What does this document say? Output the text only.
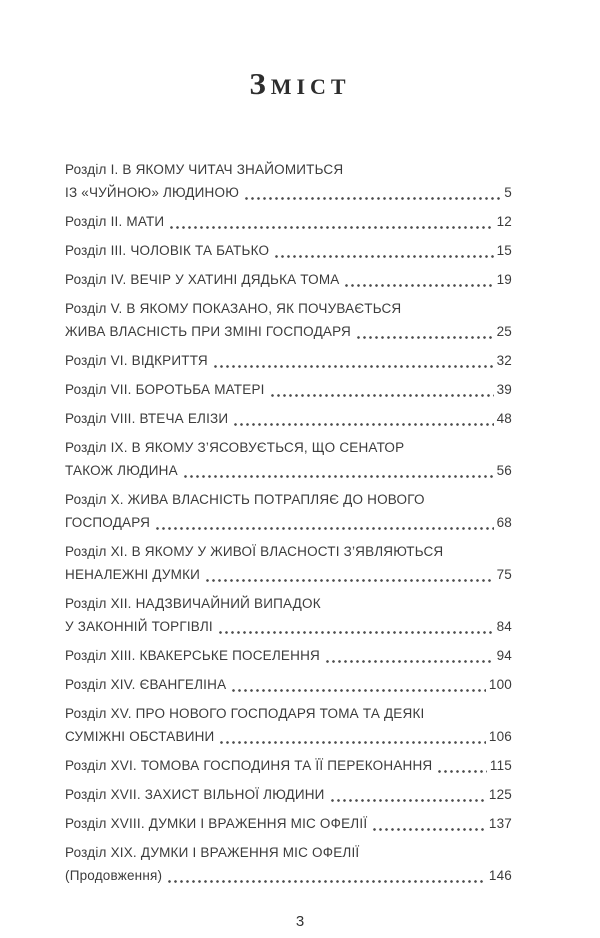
Зміст
Розділ I. В ЯКОМУ ЧИТАЧ ЗНАЙОМИТЬСЯ
ІЗ «ЧУЙНОЮ» ЛЮДИНОЮ	5
Розділ II. МАТИ	12
Розділ III. ЧОЛОВІК ТА БАТЬКО	15
Розділ IV. ВЕЧІР У ХАТИНІ ДЯДЬКА ТОМА	19
Розділ V. В ЯКОМУ ПОКАЗАНО, ЯК ПОЧУВАЄТЬСЯ
ЖИВА ВЛАСНІСТЬ ПРИ ЗМІНІ ГОСПОДАРЯ	25
Розділ VI. ВІДКРИТТЯ	32
Розділ VII. БОРОТЬБА МАТЕРІ	39
Розділ VIII. ВТЕЧА ЕЛІЗИ	48
Розділ IX. В ЯКОМУ З’ЯСОВУЄТЬСЯ, ЩО СЕНАТОР
ТАКОЖ ЛЮДИНА	56
Розділ X. ЖИВА ВЛАСНІСТЬ ПОТРАПЛЯЄ ДО НОВОГО
ГОСПОДАРЯ	68
Розділ XI. В ЯКОМУ У ЖИВОЇ ВЛАСНОСТІ З’ЯВЛЯЮТЬСЯ
НЕНАЛЕЖНІ ДУМКИ	75
Розділ XII. НАДЗВИЧАЙНИЙ ВИПАДОК
У ЗАКОННІЙ ТОРГІВЛІ	84
Розділ XIII. КВАКЕРСЬКЕ ПОСЕЛЕННЯ	94
Розділ XIV. ЄВАНГЕЛІНА	100
Розділ XV. ПРО НОВОГО ГОСПОДАРЯ ТОМА ТА ДЕЯКІ
СУМІЖНІ ОБСТАВИНИ	106
Розділ XVI. ТОМОВА ГОСПОДИНЯ ТА ЇЇ ПЕРЕКОНАННЯ	115
Розділ XVII. ЗАХИСТ ВІЛЬНОЇ ЛЮДИНИ	125
Розділ XVIII. ДУМКИ І ВРАЖЕННЯ МІС ОФЕЛІЇ	137
Розділ XIX. ДУМКИ І ВРАЖЕННЯ МІС ОФЕЛІЇ
(Продовження)	146
3
